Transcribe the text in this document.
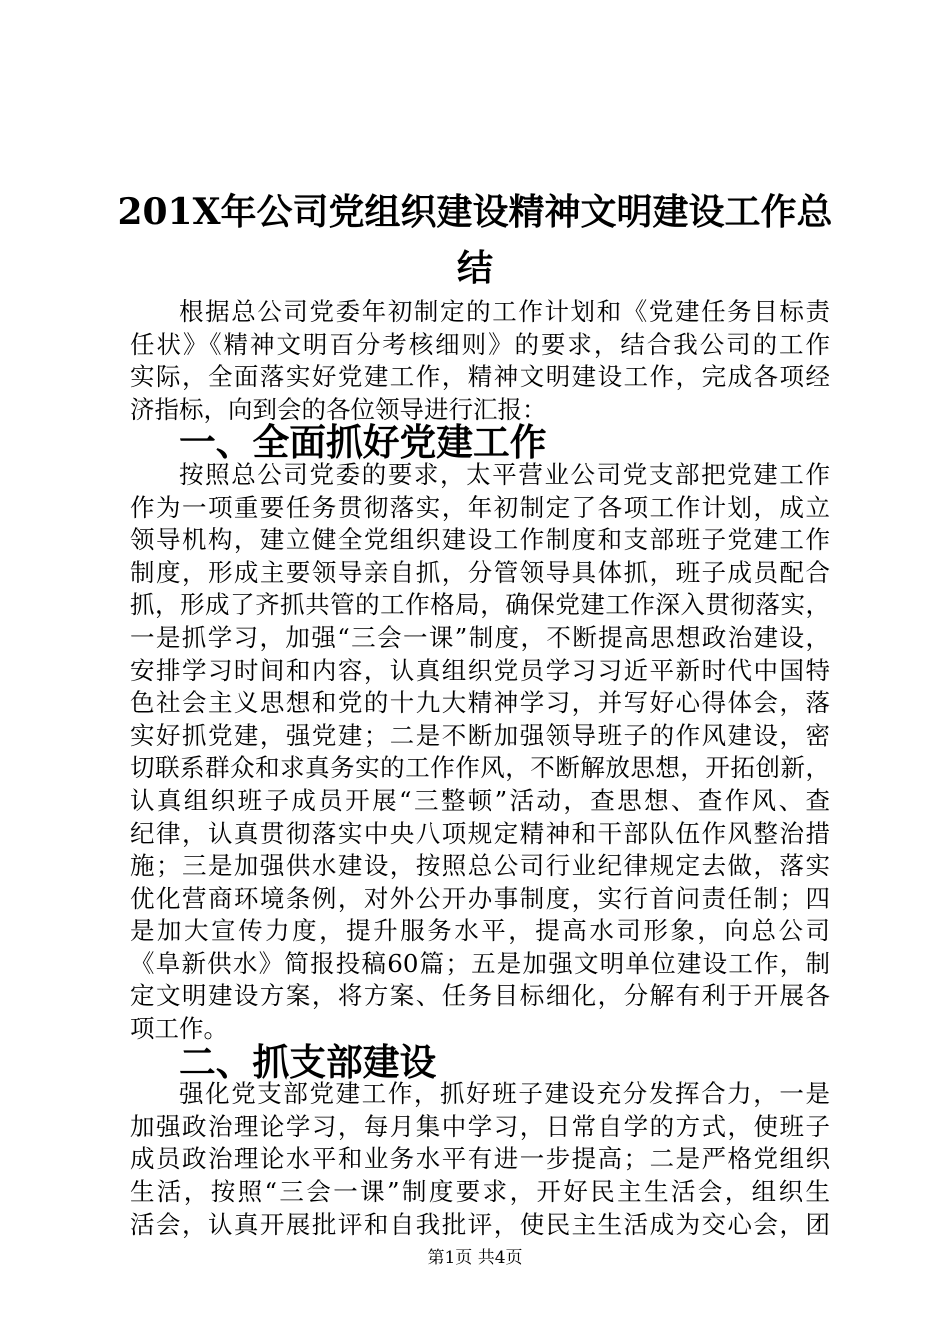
201X年公司党组织建设精神文明建设工作总
结

根据总公司党委年初制定的工作计划和《党建任务目标责
任状》《精神文明百分考核细则》的要求，结合我公司的工作
实际，全面落实好党建工作，精神文明建设工作，完成各项经
济指标，向到会的各位领导进行汇报：

一、全面抓好党建工作

按照总公司党委的要求，太平营业公司党支部把党建工作
作为一项重要任务贯彻落实，年初制定了各项工作计划，成立
领导机构，建立健全党组织建设工作制度和支部班子党建工作
制度，形成主要领导亲自抓，分管领导具体抓，班子成员配合
抓，形成了齐抓共管的工作格局，确保党建工作深入贯彻落实，
一是抓学习，加强“三会一课”制度，不断提高思想政治建设，
安排学习时间和内容，认真组织党员学习习近平新时代中国特
色社会主义思想和党的十九大精神学习，并写好心得体会，落
实好抓党建，强党建；二是不断加强领导班子的作风建设，密
切联系群众和求真务实的工作作风，不断解放思想，开拓创新，
认真组织班子成员开展“三整顿”活动，查思想、查作风、查
纪律，认真贯彻落实中央八项规定精神和干部队伍作风整治措
施；三是加强供水建设，按照总公司行业纪律规定去做，落实
优化营商环境条例，对外公开办事制度，实行首问责任制；四
是加大宣传力度，提升服务水平，提高水司形象，向总公司
《阜新供水》简报投稿60篇；五是加强文明单位建设工作，制
定文明建设方案，将方案、任务目标细化，分解有利于开展各
项工作。

二、抓支部建设

强化党支部党建工作，抓好班子建设充分发挥合力，一是
加强政治理论学习，每月集中学习，日常自学的方式，使班子
成员政治理论水平和业务水平有进一步提高；二是严格党组织
生活，按照“三会一课”制度要求，开好民主生活会，组织生
活会，认真开展批评和自我批评，使民主生活成为交心会，团

第1页 共4页
